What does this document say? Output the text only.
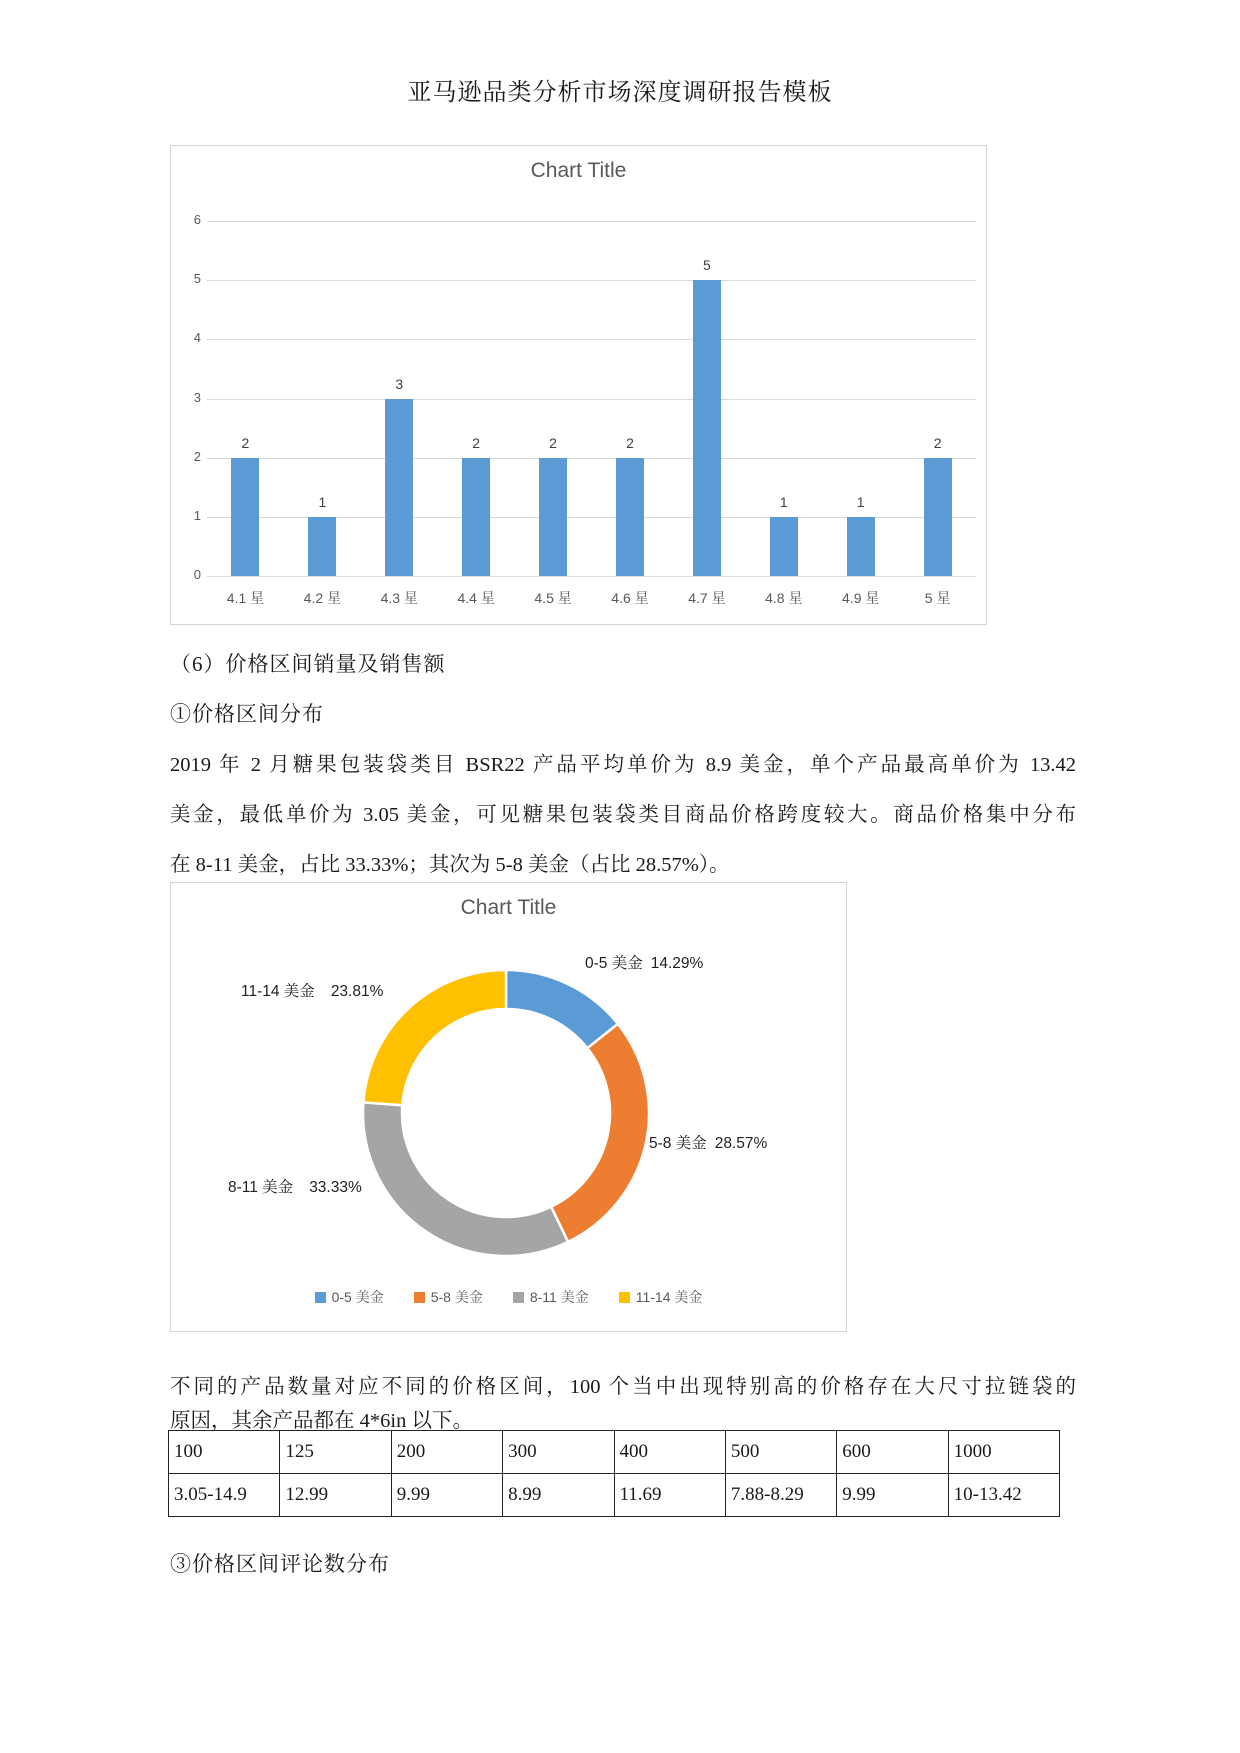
亚马逊品类分析市场深度调研报告模板
Chart Title
0
1
2
3
4
5
6
2
1
3
2	2	2
5
1	1
2
4.1 星	4.2 星	4.3 星	4.4 星	4.5 星	4.6 星	4.7 星	4.8 星	4.9 星	5 星
（6）价格区间销量及销售额
①价格区间分布
2019 年 2 月糖果包装袋类目 BSR22 产品平均单价为 8.9 美金，单个产品最高单价为 13.42
美金，最低单价为 3.05 美金，可见糖果包装袋类目商品价格跨度较大。商品价格集中分布
在 8-11 美金，占比 33.33%；其次为 5-8 美金（占比 28.57%）。
Chart Title
0-5 美金 14.29%
5-8 美金 28.57%
8-11 美金 33.33%
11-14 美金 23.81%
0-5 美金	5-8 美金	8-11 美金	11-14 美金
不同的产品数量对应不同的价格区间，100 个当中出现特别高的价格存在大尺寸拉链袋的
原因，其余产品都在 4*6in 以下。
100	125	200	300	400	500	600	1000
3.05-14.9	12.99	9.99	8.99	11.69	7.88-8.29	9.99	10-13.42
③价格区间评论数分布
